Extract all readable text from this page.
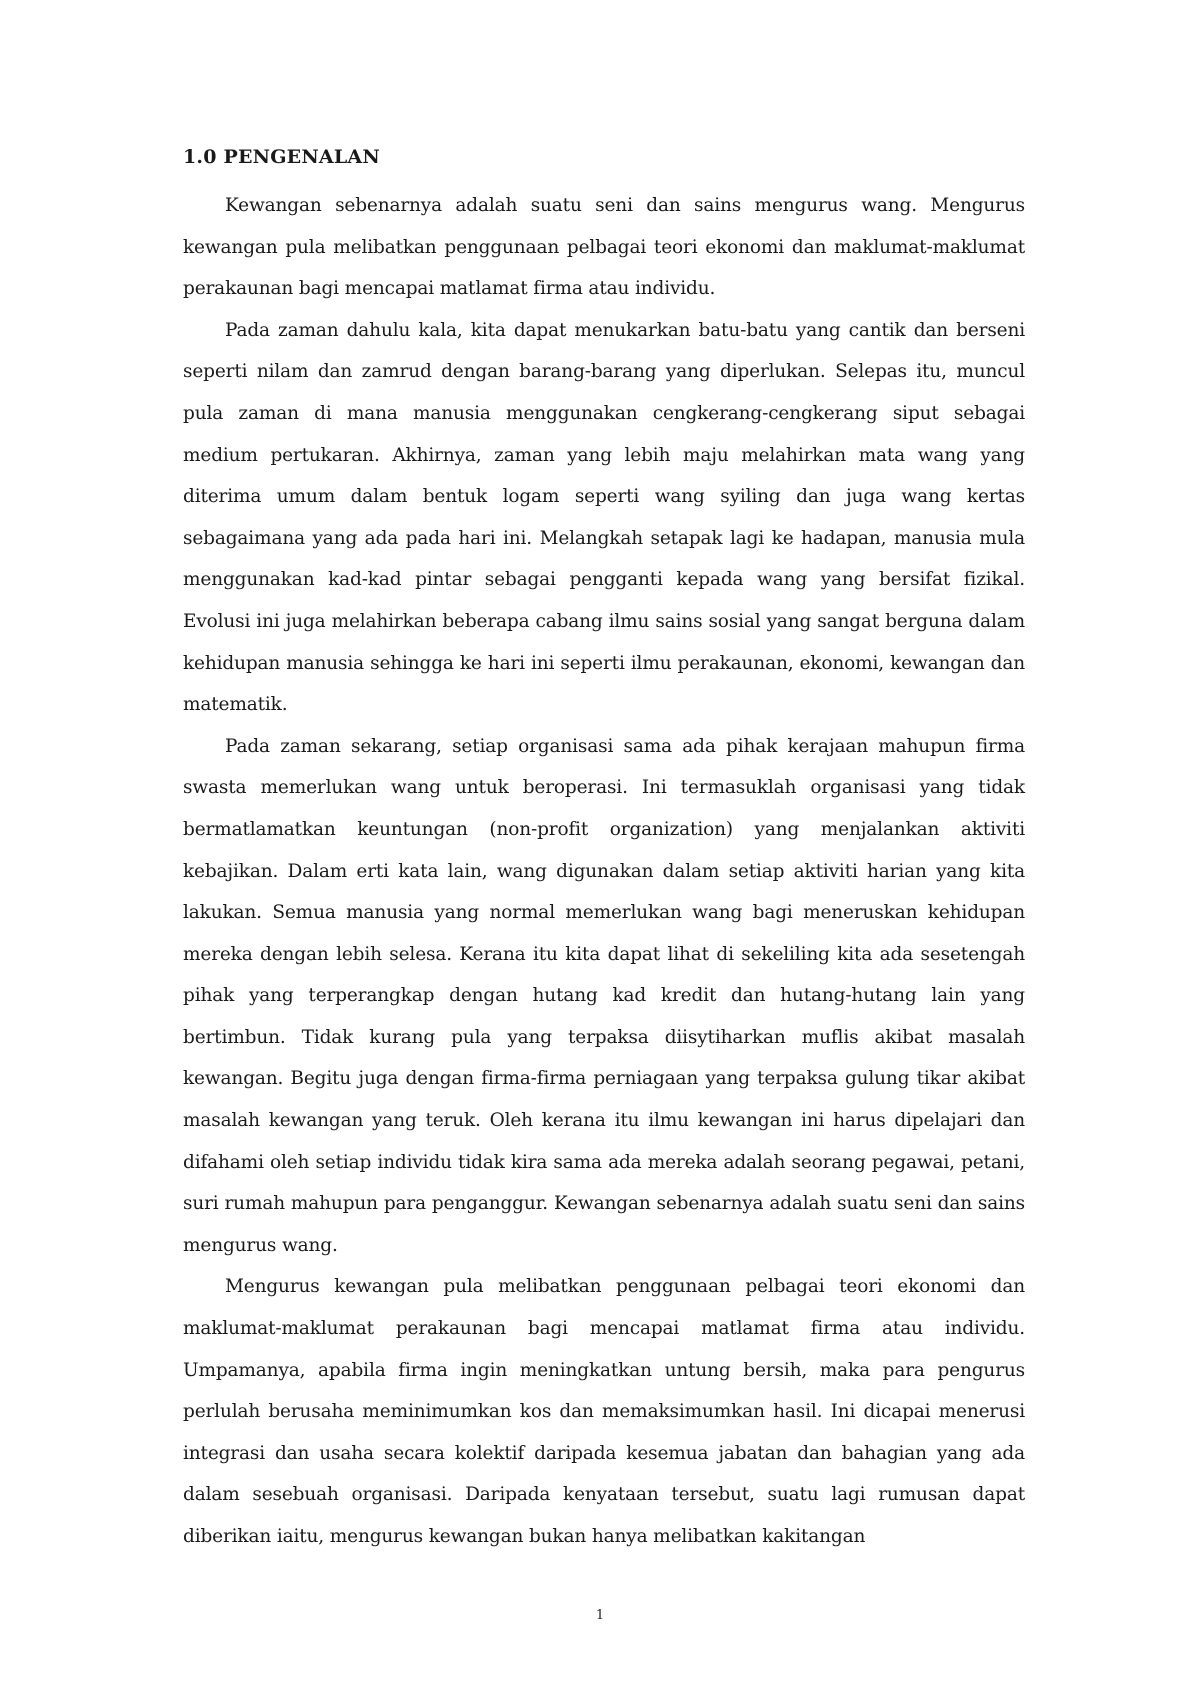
1.0 PENGENALAN

Kewangan sebenarnya adalah suatu seni dan sains mengurus wang. Mengurus kewangan pula melibatkan penggunaan pelbagai teori ekonomi dan maklumat-maklumat perakaunan bagi mencapai matlamat firma atau individu.

Pada zaman dahulu kala, kita dapat menukarkan batu-batu yang cantik dan berseni seperti nilam dan zamrud dengan barang-barang yang diperlukan. Selepas itu, muncul pula zaman di mana manusia menggunakan cengkerang-cengkerang siput sebagai medium pertukaran. Akhirnya, zaman yang lebih maju melahirkan mata wang yang diterima umum dalam bentuk logam seperti wang syiling dan juga wang kertas sebagaimana yang ada pada hari ini. Melangkah setapak lagi ke hadapan, manusia mula menggunakan kad-kad pintar sebagai pengganti kepada wang yang bersifat fizikal. Evolusi ini juga melahirkan beberapa cabang ilmu sains sosial yang sangat berguna dalam kehidupan manusia sehingga ke hari ini seperti ilmu perakaunan, ekonomi, kewangan dan matematik.

Pada zaman sekarang, setiap organisasi sama ada pihak kerajaan mahupun firma swasta memerlukan wang untuk beroperasi. Ini termasuklah organisasi yang tidak bermatlamatkan keuntungan (non-profit organization) yang menjalankan aktiviti kebajikan. Dalam erti kata lain, wang digunakan dalam setiap aktiviti harian yang kita lakukan. Semua manusia yang normal memerlukan wang bagi meneruskan kehidupan mereka dengan lebih selesa. Kerana itu kita dapat lihat di sekeliling kita ada sesetengah pihak yang terperangkap dengan hutang kad kredit dan hutang-hutang lain yang bertimbun. Tidak kurang pula yang terpaksa diisytiharkan muflis akibat masalah kewangan. Begitu juga dengan firma-firma perniagaan yang terpaksa gulung tikar akibat masalah kewangan yang teruk. Oleh kerana itu ilmu kewangan ini harus dipelajari dan difahami oleh setiap individu tidak kira sama ada mereka adalah seorang pegawai, petani, suri rumah mahupun para penganggur. Kewangan sebenarnya adalah suatu seni dan sains mengurus wang.

Mengurus kewangan pula melibatkan penggunaan pelbagai teori ekonomi dan maklumat-maklumat perakaunan bagi mencapai matlamat firma atau individu. Umpamanya, apabila firma ingin meningkatkan untung bersih, maka para pengurus perlulah berusaha meminimumkan kos dan memaksimumkan hasil. Ini dicapai menerusi integrasi dan usaha secara kolektif daripada kesemua jabatan dan bahagian yang ada dalam sesebuah organisasi. Daripada kenyataan tersebut, suatu lagi rumusan dapat diberikan iaitu, mengurus kewangan bukan hanya melibatkan kakitangan

1
